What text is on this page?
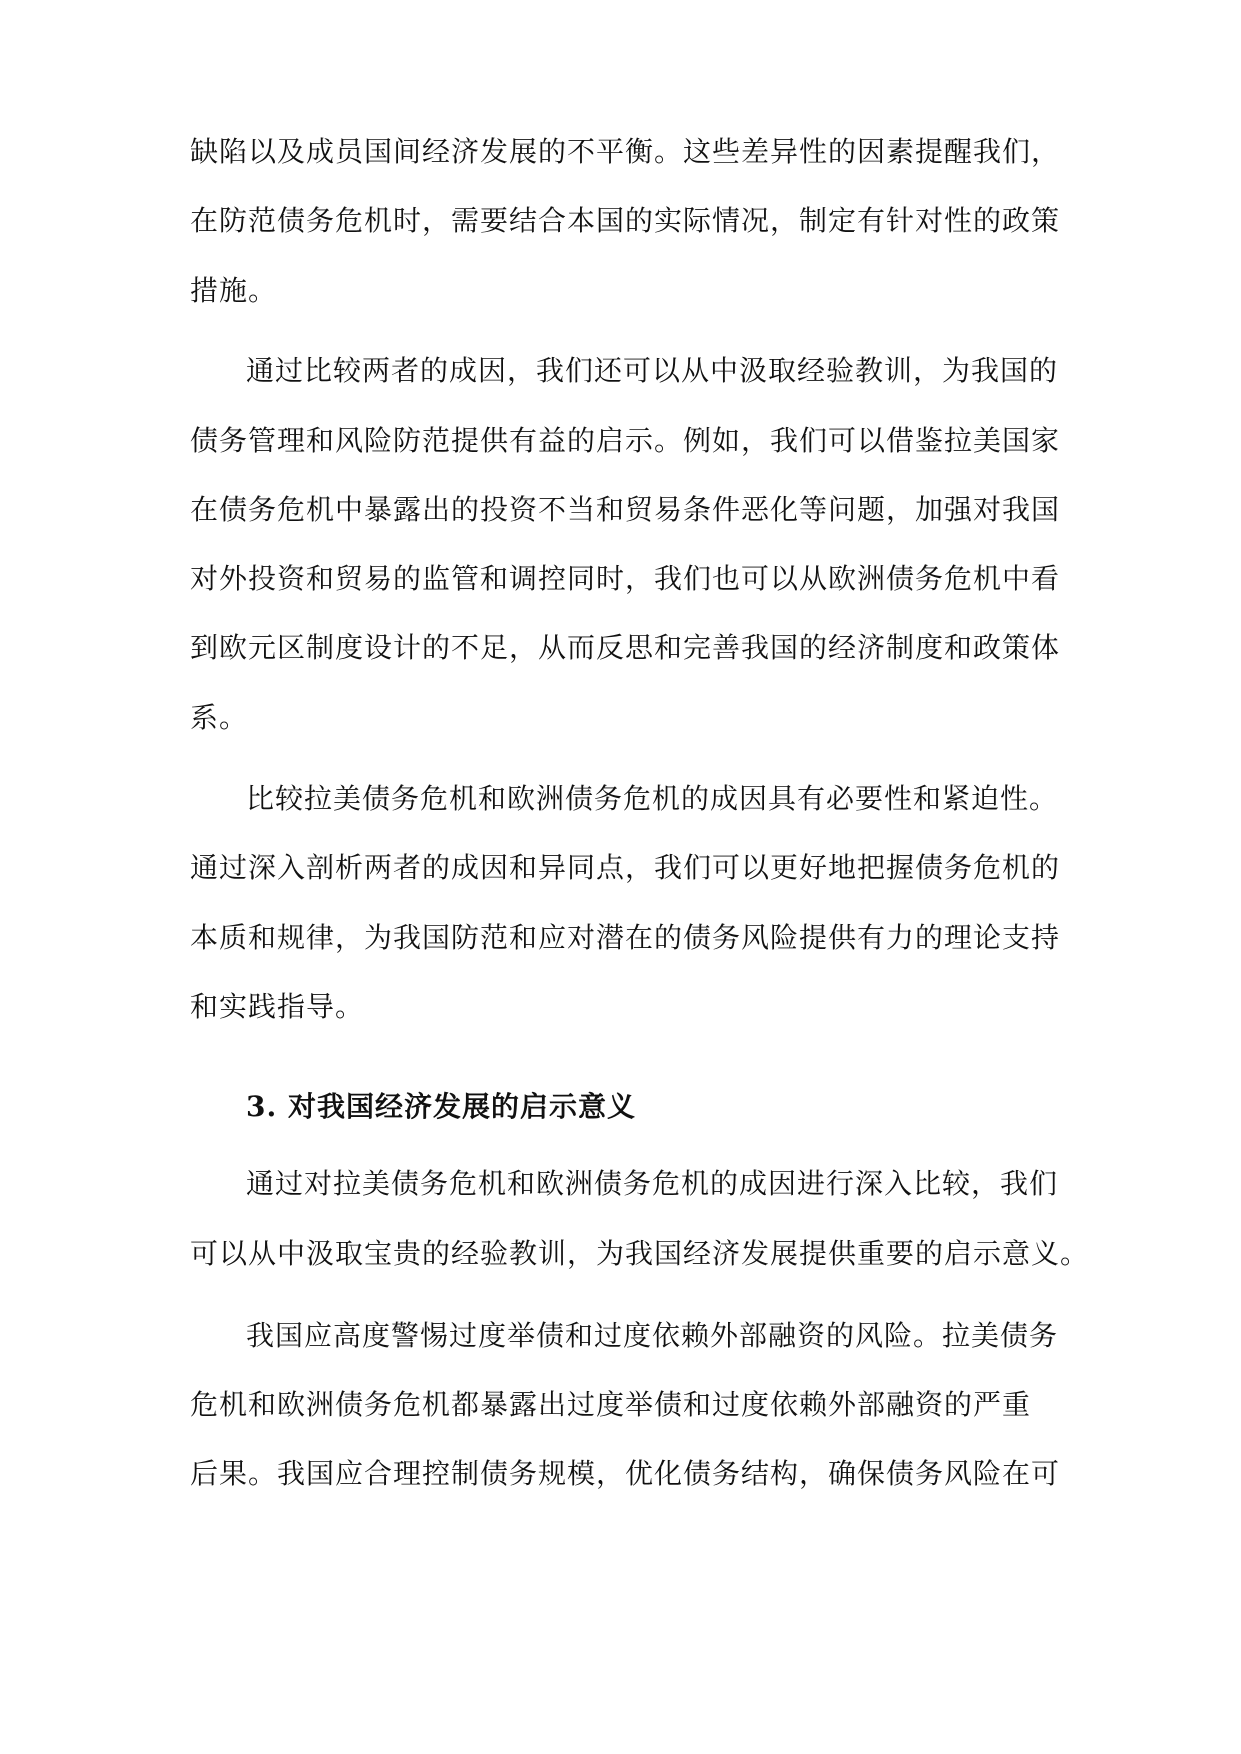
缺陷以及成员国间经济发展的不平衡。这些差异性的因素提醒我们，
在防范债务危机时，需要结合本国的实际情况，制定有针对性的政策
措施。
通过比较两者的成因，我们还可以从中汲取经验教训，为我国的
债务管理和风险防范提供有益的启示。例如，我们可以借鉴拉美国家
在债务危机中暴露出的投资不当和贸易条件恶化等问题，加强对我国
对外投资和贸易的监管和调控同时，我们也可以从欧洲债务危机中看
到欧元区制度设计的不足，从而反思和完善我国的经济制度和政策体
系。
比较拉美债务危机和欧洲债务危机的成因具有必要性和紧迫性。
通过深入剖析两者的成因和异同点，我们可以更好地把握债务危机的
本质和规律，为我国防范和应对潜在的债务风险提供有力的理论支持
和实践指导。
3. 对我国经济发展的启示意义
通过对拉美债务危机和欧洲债务危机的成因进行深入比较，我们
可以从中汲取宝贵的经验教训，为我国经济发展提供重要的启示意义。
我国应高度警惕过度举债和过度依赖外部融资的风险。拉美债务
危机和欧洲债务危机都暴露出过度举债和过度依赖外部融资的严重
后果。我国应合理控制债务规模，优化债务结构，确保债务风险在可
